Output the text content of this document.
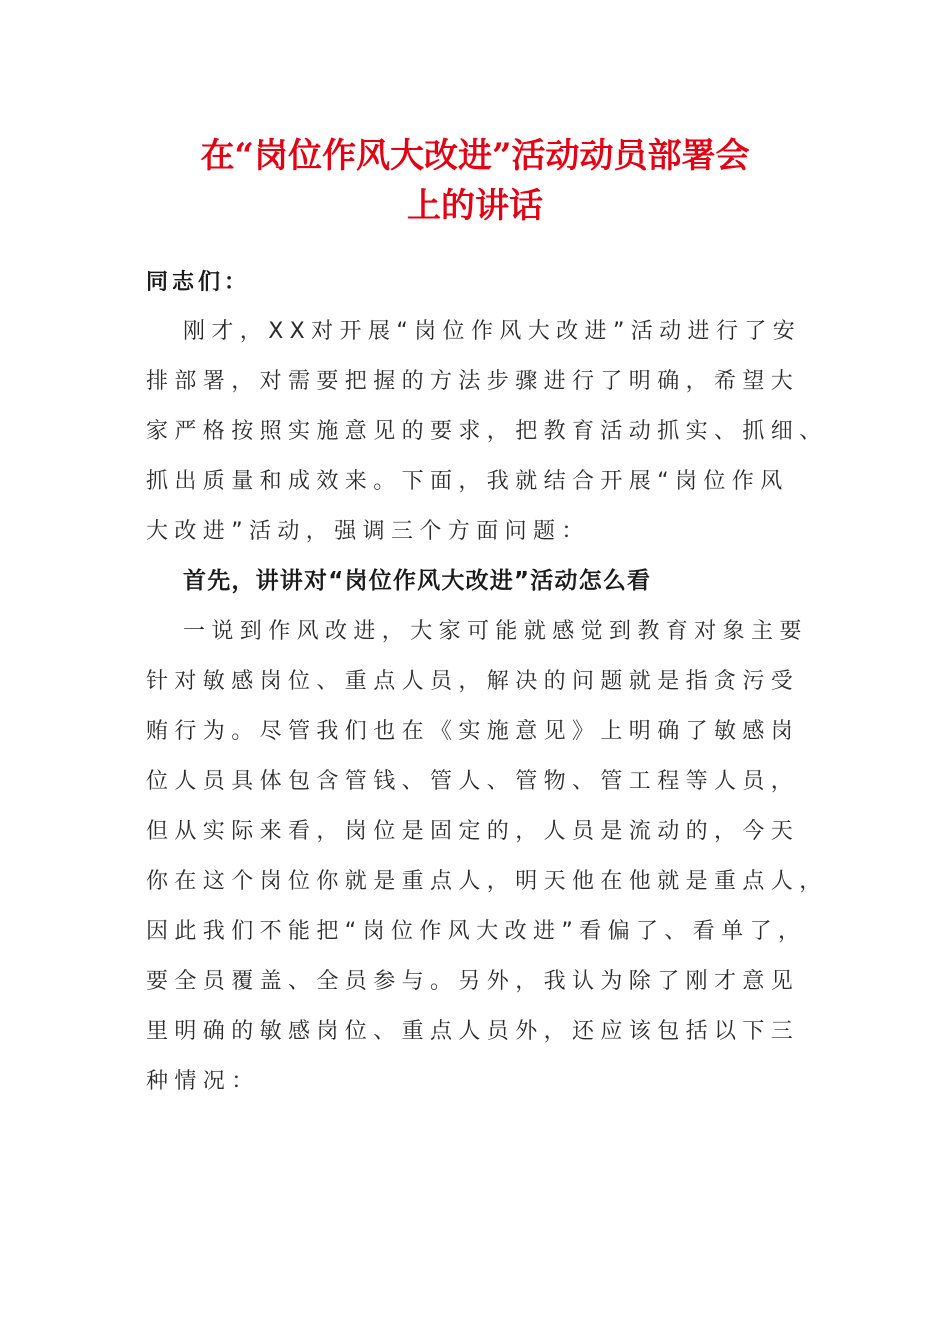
在“岗位作风大改进”活动动员部署会
上的讲话

同志们：

刚才，XX对开展“岗位作风大改进”活动进行了安

排部署，对需要把握的方法步骤进行了明确，希望大

家严格按照实施意见的要求，把教育活动抓实、抓细、

抓出质量和成效来。下面，我就结合开展“岗位作风

大改进”活动，强调三个方面问题：

首先，讲讲对“岗位作风大改进”活动怎么看

一说到作风改进，大家可能就感觉到教育对象主要

针对敏感岗位、重点人员，解决的问题就是指贪污受

贿行为。尽管我们也在《实施意见》上明确了敏感岗

位人员具体包含管钱、管人、管物、管工程等人员，

但从实际来看，岗位是固定的，人员是流动的，今天

你在这个岗位你就是重点人，明天他在他就是重点人，

因此我们不能把“岗位作风大改进”看偏了、看单了，

要全员覆盖、全员参与。另外，我认为除了刚才意见

里明确的敏感岗位、重点人员外，还应该包括以下三

种情况：
